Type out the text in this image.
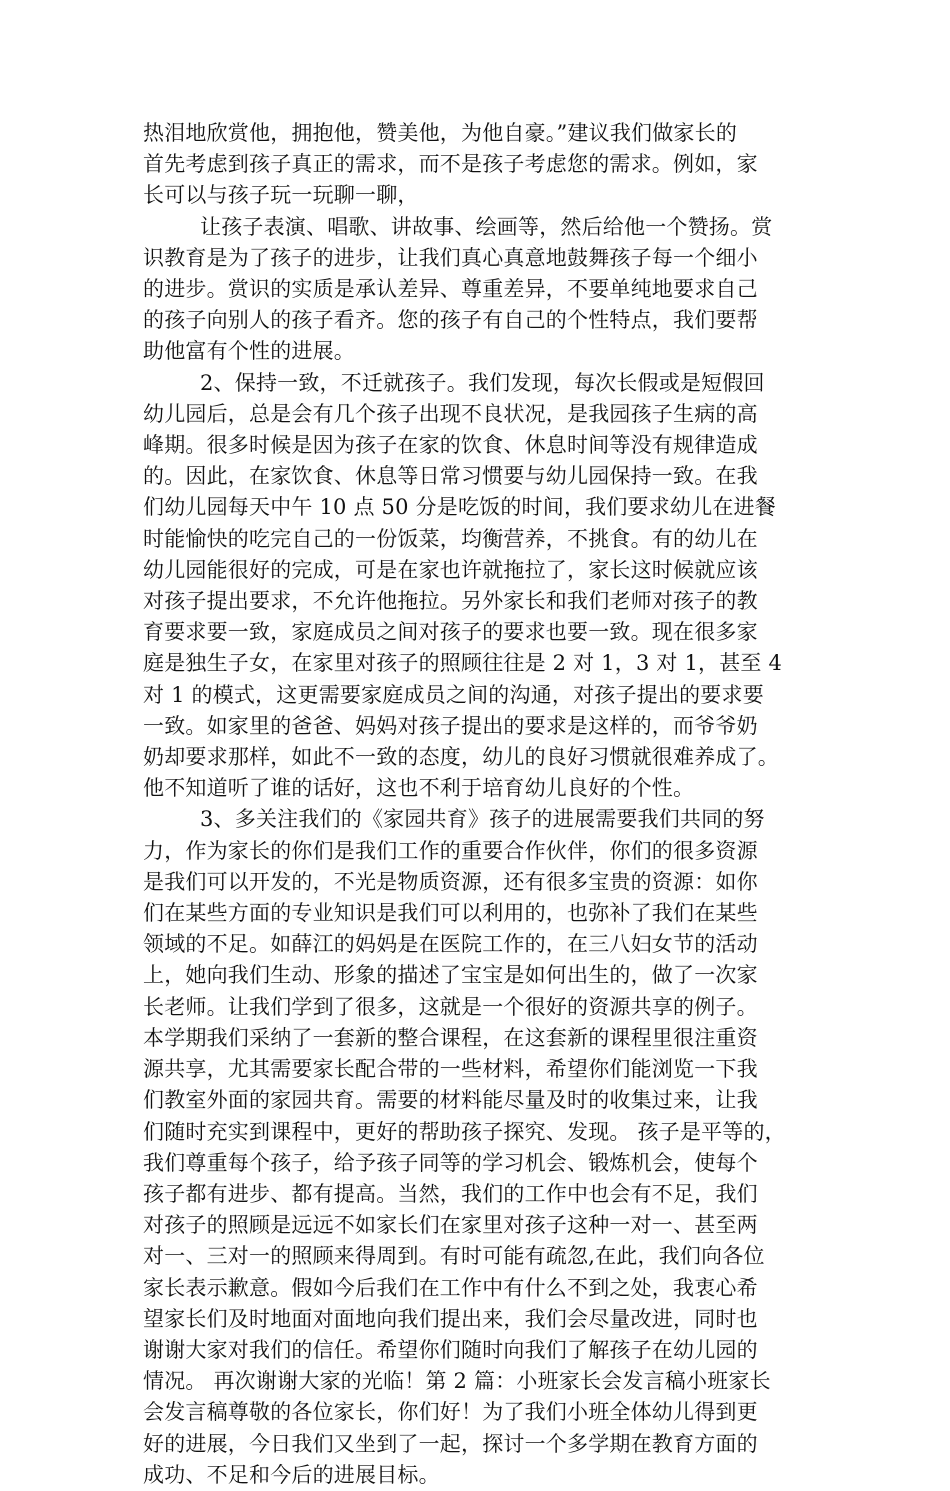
热泪地欣赏他，拥抱他，赞美他，为他自豪。”建议我们做家长的
首先考虑到孩子真正的需求，而不是孩子考虑您的需求。例如，家
长可以与孩子玩一玩聊一聊，

让孩子表演、唱歌、讲故事、绘画等，然后给他一个赞扬。赏
识教育是为了孩子的进步，让我们真心真意地鼓舞孩子每一个细小
的进步。赏识的实质是承认差异、尊重差异，不要单纯地要求自己
的孩子向别人的孩子看齐。您的孩子有自己的个性特点，我们要帮
助他富有个性的进展。

2、保持一致，不迁就孩子。我们发现，每次长假或是短假回
幼儿园后，总是会有几个孩子出现不良状况，是我园孩子生病的高
峰期。很多时候是因为孩子在家的饮食、休息时间等没有规律造成
的。因此，在家饮食、休息等日常习惯要与幼儿园保持一致。在我
们幼儿园每天中午 10 点 50 分是吃饭的时间，我们要求幼儿在进餐
时能愉快的吃完自己的一份饭菜，均衡营养，不挑食。有的幼儿在
幼儿园能很好的完成，可是在家也许就拖拉了，家长这时候就应该
对孩子提出要求，不允许他拖拉。另外家长和我们老师对孩子的教
育要求要一致，家庭成员之间对孩子的要求也要一致。现在很多家
庭是独生子女，在家里对孩子的照顾往往是 2 对 1，3 对 1，甚至 4
对 1 的模式，这更需要家庭成员之间的沟通，对孩子提出的要求要
一致。如家里的爸爸、妈妈对孩子提出的要求是这样的，而爷爷奶
奶却要求那样，如此不一致的态度，幼儿的良好习惯就很难养成了。
他不知道听了谁的话好，这也不利于培育幼儿良好的个性。

3、多关注我们的《家园共育》孩子的进展需要我们共同的努
力，作为家长的你们是我们工作的重要合作伙伴，你们的很多资源
是我们可以开发的，不光是物质资源，还有很多宝贵的资源：如你
们在某些方面的专业知识是我们可以利用的，也弥补了我们在某些
领域的不足。如薛江的妈妈是在医院工作的，在三八妇女节的活动
上，她向我们生动、形象的描述了宝宝是如何出生的，做了一次家
长老师。让我们学到了很多，这就是一个很好的资源共享的例子。
本学期我们采纳了一套新的整合课程，在这套新的课程里很注重资
源共享，尤其需要家长配合带的一些材料，希望你们能浏览一下我
们教室外面的家园共育。需要的材料能尽量及时的收集过来，让我
们随时充实到课程中，更好的帮助孩子探究、发现。 孩子是平等的，
我们尊重每个孩子，给予孩子同等的学习机会、锻炼机会，使每个
孩子都有进步、都有提高。当然，我们的工作中也会有不足，我们
对孩子的照顾是远远不如家长们在家里对孩子这种一对一、甚至两
对一、三对一的照顾来得周到。有时可能有疏忽,在此，我们向各位
家长表示歉意。假如今后我们在工作中有什么不到之处，我衷心希
望家长们及时地面对面地向我们提出来，我们会尽量改进，同时也
谢谢大家对我们的信任。希望你们随时向我们了解孩子在幼儿园的
情况。 再次谢谢大家的光临！第 2 篇：小班家长会发言稿小班家长
会发言稿尊敬的各位家长，你们好！为了我们小班全体幼儿得到更
好的进展，今日我们又坐到了一起，探讨一个多学期在教育方面的
成功、不足和今后的进展目标。
